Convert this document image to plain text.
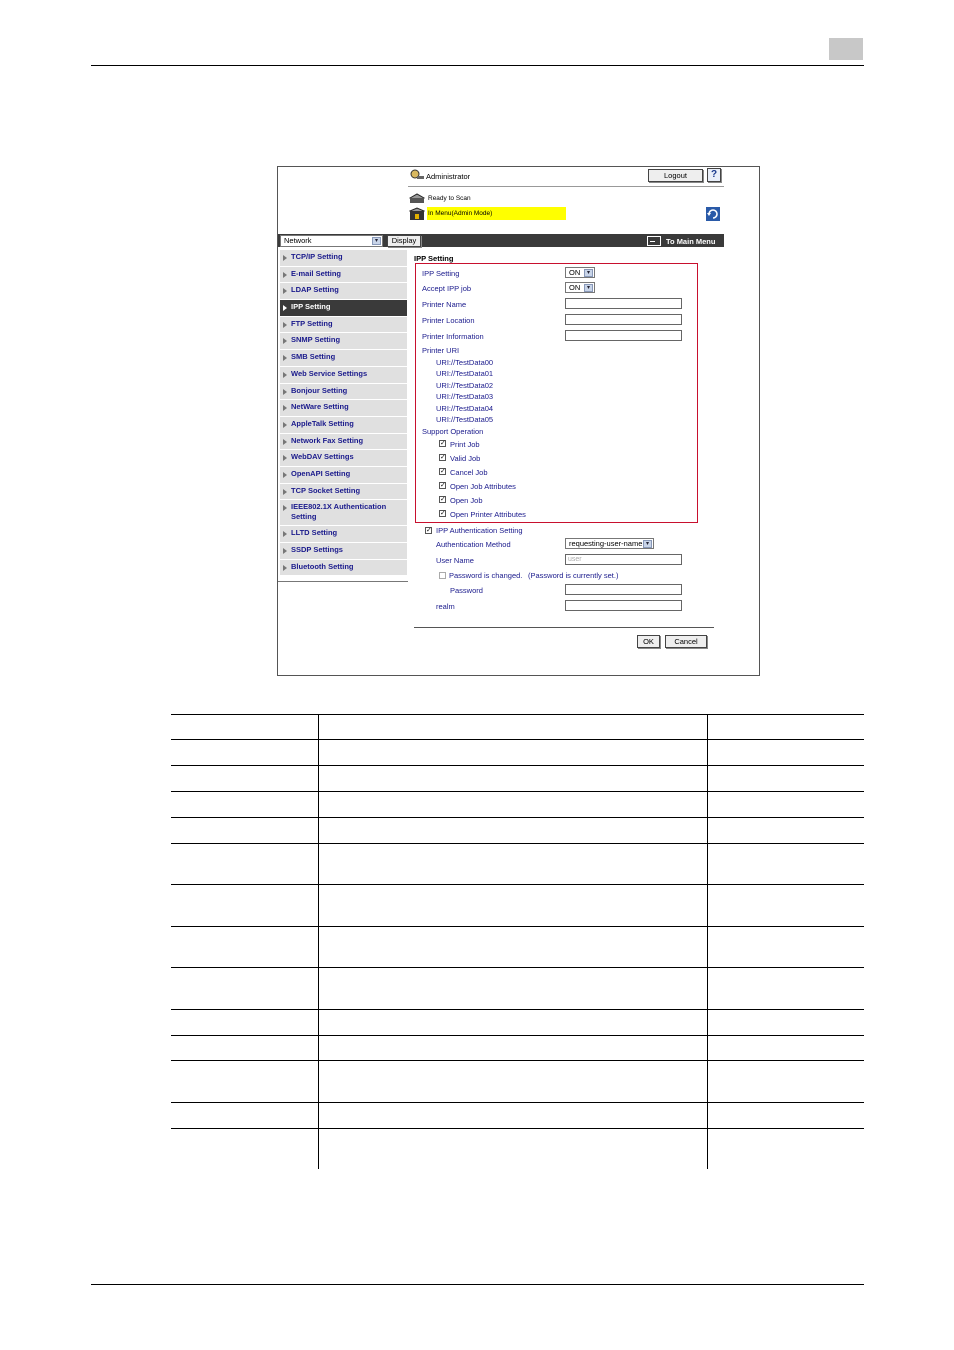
Administrator	Logout	?
Ready to Scan
In Menu(Admin Mode)
Network	▾	Display	To Main Menu
TCP/IP Setting
E-mail Setting
LDAP Setting
IPP Setting
FTP Setting
SNMP Setting
SMB Setting
Web Service Settings
Bonjour Setting
NetWare Setting
AppleTalk Setting
Network Fax Setting
WebDAV Settings
OpenAPI Setting
TCP Socket Setting
IEEE802.1X Authentication Setting
LLTD Setting
SSDP Settings
Bluetooth Setting
IPP Setting
IPP Setting	ON	▾
Accept IPP job	ON	▾
Printer Name
Printer Location
Printer Information
Printer URI
URI://TestData00
URI://TestData01
URI://TestData02
URI://TestData03
URI://TestData04
URI://TestData05
Support Operation
✓ Print Job
✓ Valid Job
✓ Cancel Job
✓ Open Job Attributes
✓ Open Job
✓ Open Printer Attributes
✓ IPP Authentication Setting
Authentication Method	requesting-user-name ▾
User Name	user
Password is changed. (Password is currently set.)
Password
realm
OK	Cancel
